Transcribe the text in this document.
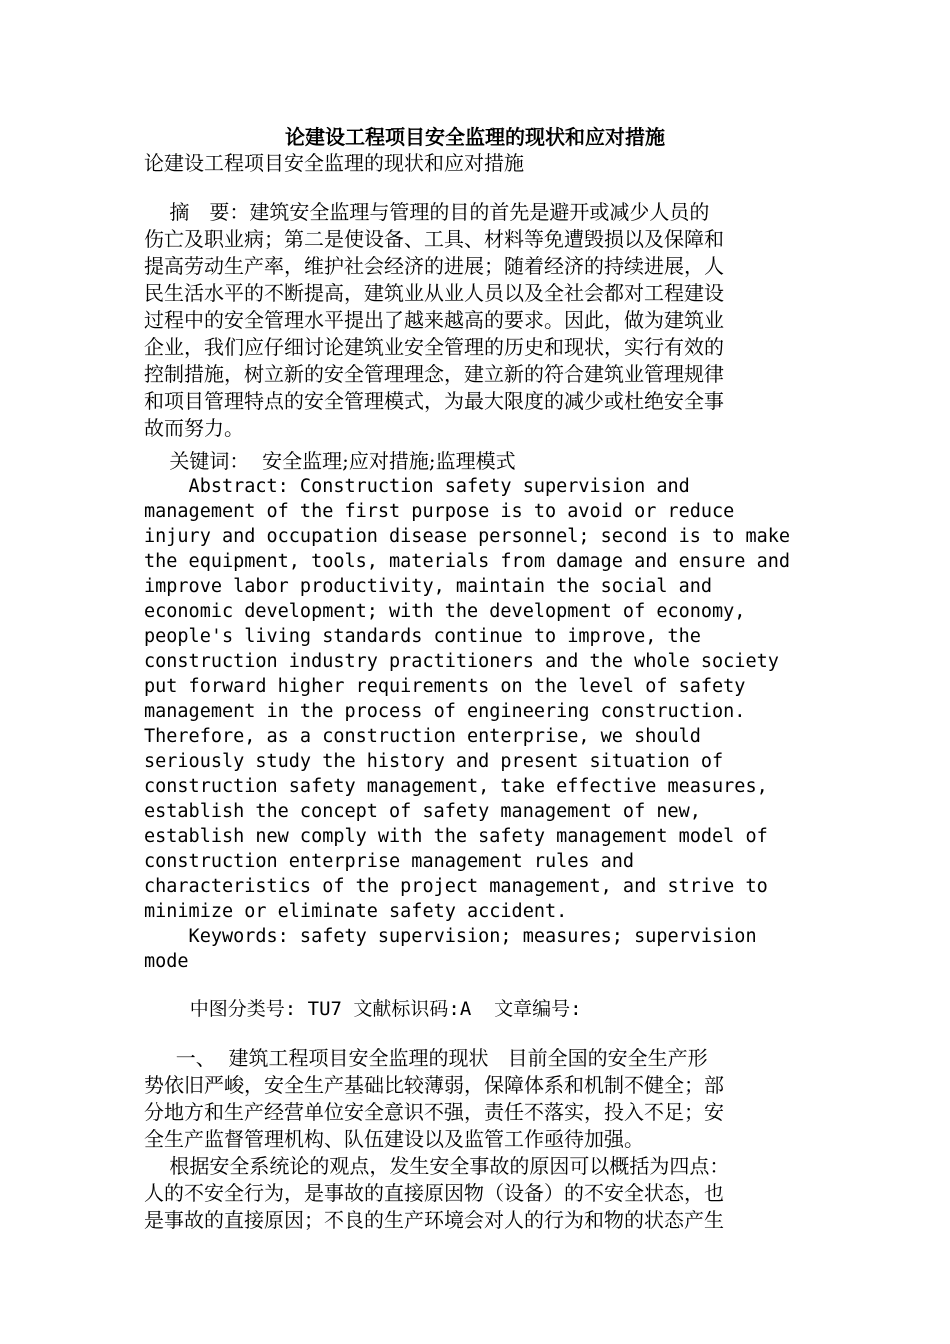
论建设工程项目安全监理的现状和应对措施
论建设工程项目安全监理的现状和应对措施
摘　要：建筑安全监理与管理的目的首先是避开或减少人员的
伤亡及职业病；第二是使设备、工具、材料等免遭毁损以及保障和
提高劳动生产率，维护社会经济的进展；随着经济的持续进展，人
民生活水平的不断提高，建筑业从业人员以及全社会都对工程建设
过程中的安全管理水平提出了越来越高的要求。因此，做为建筑业
企业，我们应仔细讨论建筑业安全管理的历史和现状，实行有效的
控制措施，树立新的安全管理理念，建立新的符合建筑业管理规律
和项目管理特点的安全管理模式，为最大限度的减少或杜绝安全事
故而努力。
关键词：  安全监理;应对措施;监理模式
Abstract: Construction safety supervision and
management of the first purpose is to avoid or reduce
injury and occupation disease personnel; second is to make
the equipment, tools, materials from damage and ensure and
improve labor productivity, maintain the social and
economic development; with the development of economy,
people's living standards continue to improve, the
construction industry practitioners and the whole society
put forward higher requirements on the level of safety
management in the process of engineering construction.
Therefore, as a construction enterprise, we should
seriously study the history and present situation of
construction safety management, take effective measures,
establish the concept of safety management of new,
establish new comply with the safety management model of
construction enterprise management rules and
characteristics of the project management, and strive to
minimize or eliminate safety accident.
Keywords: safety supervision; measures; supervision
mode
中图分类号: TU7 文献标识码:A  文章编号:
一、  建筑工程项目安全监理的现状   目前全国的安全生产形
势依旧严峻，安全生产基础比较薄弱，保障体系和机制不健全；部
分地方和生产经营单位安全意识不强，责任不落实，投入不足；安
全生产监督管理机构、队伍建设以及监管工作亟待加强。
根据安全系统论的观点，发生安全事故的原因可以概括为四点：
人的不安全行为，是事故的直接原因物（设备）的不安全状态，也
是事故的直接原因；不良的生产环境会对人的行为和物的状态产生
